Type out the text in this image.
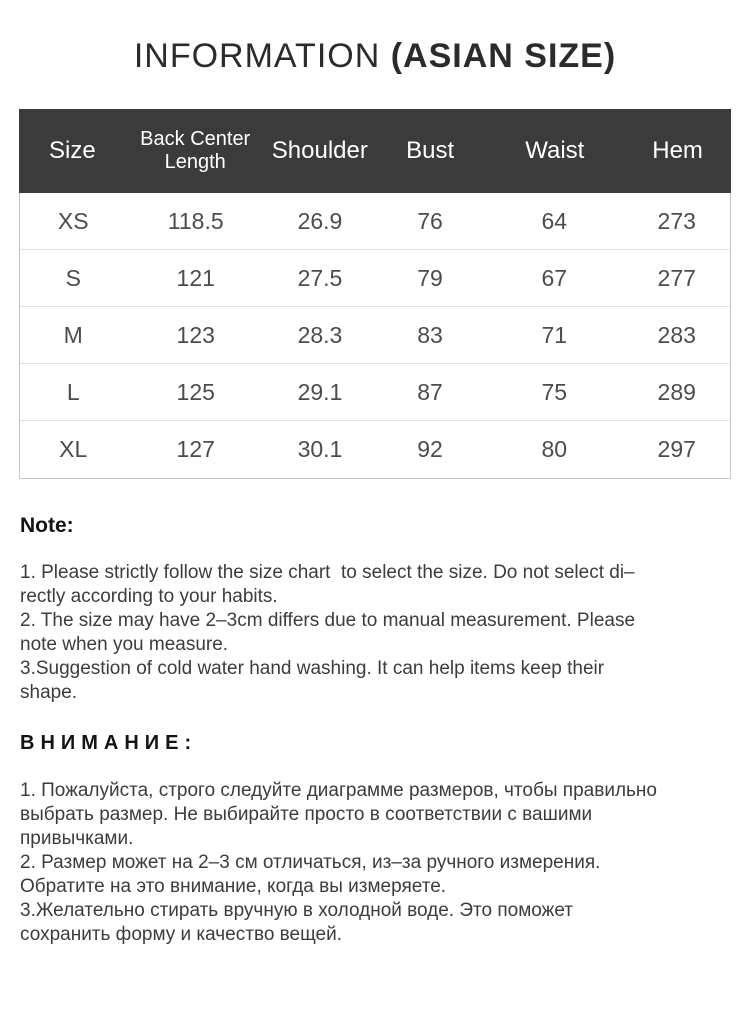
INFORMATION (ASIAN SIZE)
Size	Back Center Length	Shoulder	Bust	Waist	Hem
XS	118.5	26.9	76	64	273
S	121	27.5	79	67	277
M	123	28.3	83	71	283
L	125	29.1	87	75	289
XL	127	30.1	92	80	297
Note:

1. Please strictly follow the size chart  to select the size. Do not select di–

rectly according to your habits.

2. The size may have 2–3cm differs due to manual measurement. Please

note when you measure.

3.Suggestion of cold water hand washing. It can help items keep their

shape.

ВНИМАНИЕ:

1. Пожалуйста, строго следуйте диаграмме размеров, чтобы правильно

выбрать размер. Не выбирайте просто в соответствии с вашими

привычками.

2. Размер может на 2–3 см отличаться, из–за ручного измерения.

Обратите на это внимание, когда вы измеряете.

3.Желательно стирать вручную в холодной воде. Это поможет

сохранить форму и качество вещей.
